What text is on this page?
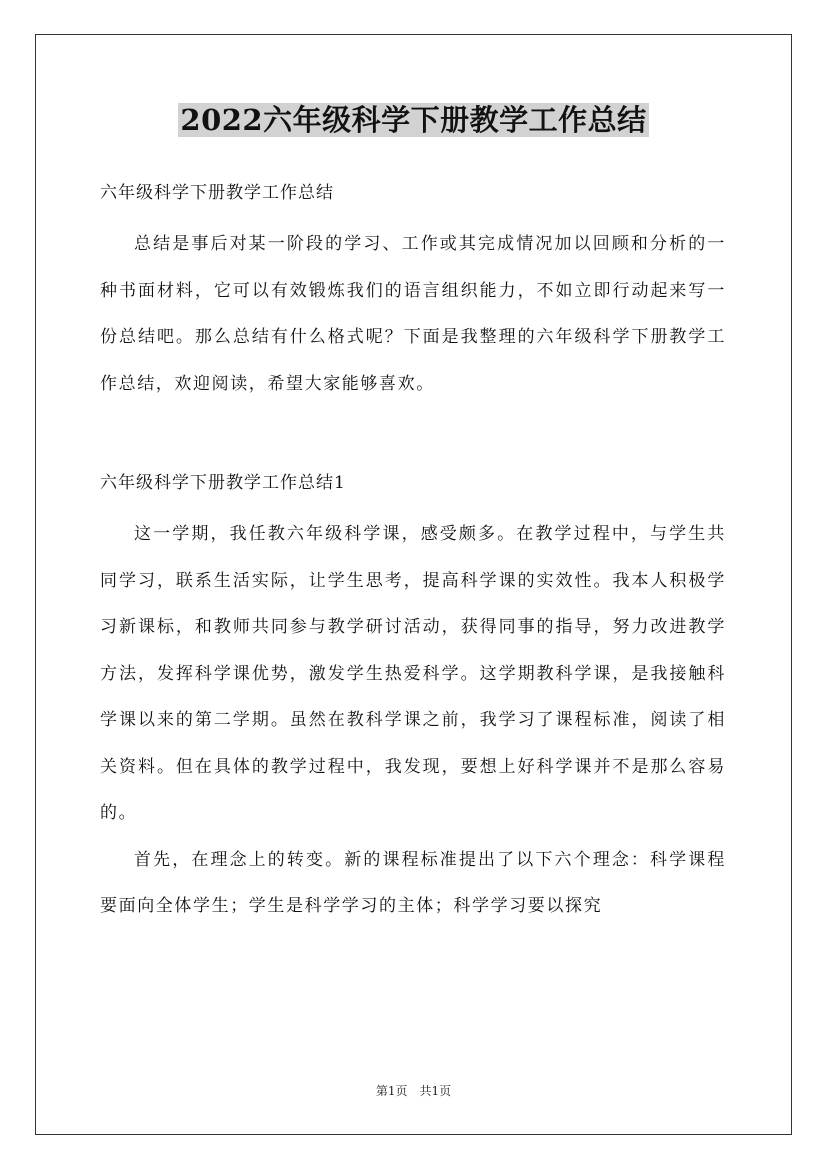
2022六年级科学下册教学工作总结

六年级科学下册教学工作总结

总结是事后对某一阶段的学习、工作或其完成情况加以回顾和分析的一种书面材料，它可以有效锻炼我们的语言组织能力，不如立即行动起来写一份总结吧。那么总结有什么格式呢？下面是我整理的六年级科学下册教学工作总结，欢迎阅读，希望大家能够喜欢。

六年级科学下册教学工作总结1

这一学期，我任教六年级科学课，感受颇多。在教学过程中，与学生共同学习，联系生活实际，让学生思考，提高科学课的实效性。我本人积极学习新课标，和教师共同参与教学研讨活动，获得同事的指导，努力改进教学方法，发挥科学课优势，激发学生热爱科学。这学期教科学课，是我接触科学课以来的第二学期。虽然在教科学课之前，我学习了课程标准，阅读了相关资料。但在具体的教学过程中，我发现，要想上好科学课并不是那么容易的。

首先，在理念上的转变。新的课程标准提出了以下六个理念：科学课程要面向全体学生；学生是科学学习的主体；科学学习要以探究

第1页　共1页
